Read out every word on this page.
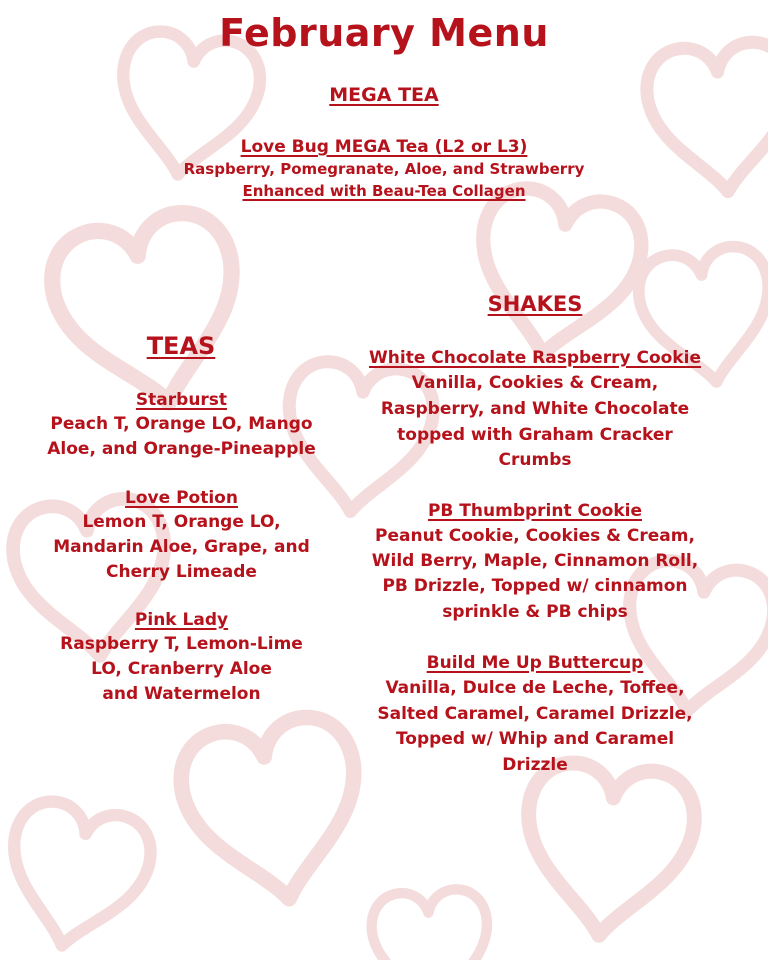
February Menu
MEGA TEA
Love Bug MEGA Tea (L2 or L3)
Raspberry, Pomegranate, Aloe, and Strawberry
Enhanced with Beau-Tea Collagen
TEAS
Starburst
Peach T, Orange LO, Mango
Aloe, and Orange-Pineapple
Love Potion
Lemon T, Orange LO,
Mandarin Aloe, Grape, and
Cherry Limeade
Pink Lady
Raspberry T, Lemon-Lime
LO, Cranberry Aloe
and Watermelon
SHAKES
White Chocolate Raspberry Cookie
Vanilla, Cookies & Cream,
Raspberry, and White Chocolate
topped with Graham Cracker
Crumbs
PB Thumbprint Cookie
Peanut Cookie, Cookies & Cream,
Wild Berry, Maple, Cinnamon Roll,
PB Drizzle, Topped w/ cinnamon
sprinkle & PB chips
Build Me Up Buttercup
Vanilla, Dulce de Leche, Toffee,
Salted Caramel, Caramel Drizzle,
Topped w/ Whip and Caramel
Drizzle
